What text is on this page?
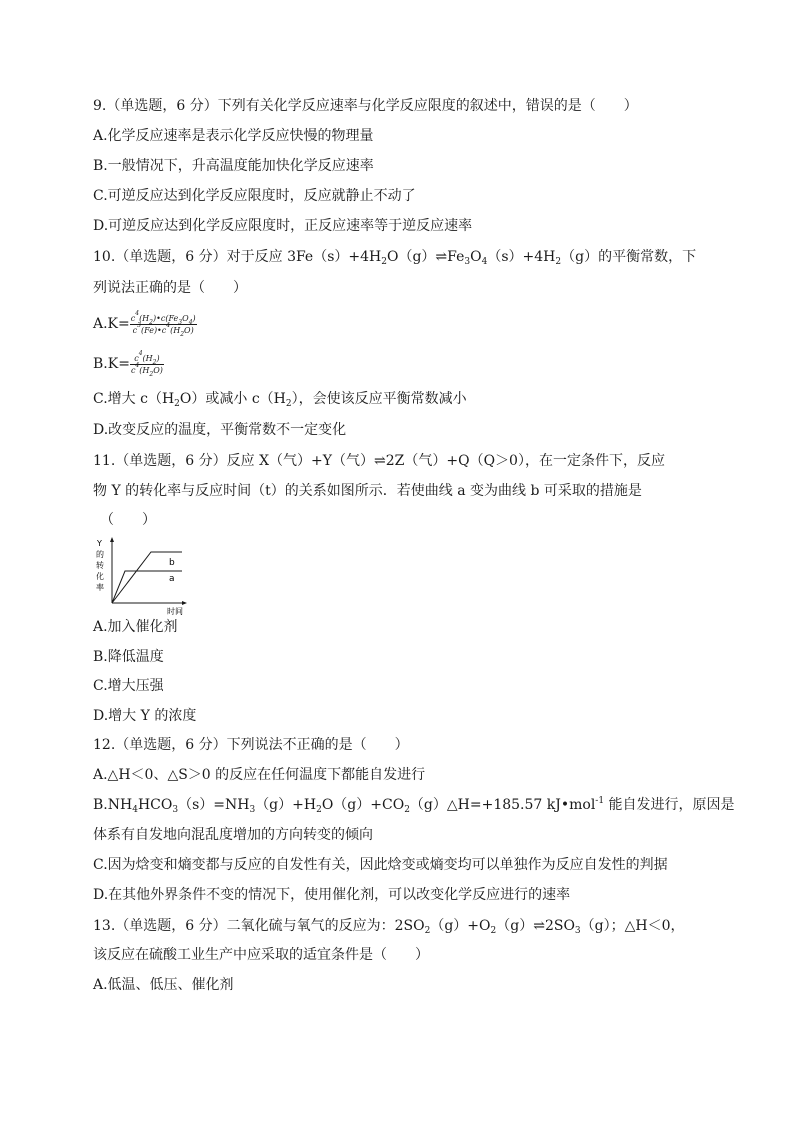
9.（单选题，6 分）下列有关化学反应速率与化学反应限度的叙述中，错误的是（　　）
A.化学反应速率是表示化学反应快慢的物理量
B.一般情况下，升高温度能加快化学反应速率
C.可逆反应达到化学反应限度时，反应就静止不动了
D.可逆反应达到化学反应限度时，正反应速率等于逆反应速率
10.（单选题，6 分）对于反应 $3Fe(s)+4H_2O(g)\rightleftharpoons Fe_3O_4(s)+4H_2(g)$的平衡常数，下
列说法正确的是（　　）
$A.K= \frac{c^4(H_2)•c(Fe_3O_4)}{c^3(Fe)•c^4(H_2O)}$
$B.K= \frac{c^4(H_2)}{c^4(H_2O)}$
C.增大 $c(H_2O)$或减小 $c(H_2)$，会使该反应平衡常数减小
D.改变反应的温度，平衡常数不一定变化
11.（单选题，6 分）反应 X（气）+Y（气）⇌2Z（气）+Q（Q＞0），在一定条件下，反应
物 Y 的转化率与反应时间（t）的关系如图所示．若使曲线 a 变为曲线 b 可采取的措施是
（　　）
b
a
Y
的
转
化
率
时间
A.加入催化剂
B.降低温度
C.增大压强
D.增大 Y 的浓度
12.（单选题，6 分）下列说法不正确的是（　　）
A.△H＜0、△S＞0 的反应在任何温度下都能自发进行
$B.NH_4HCO_3(s)=NH_3(g)+H_2O(g)+CO_2(g)\triangle H=+185.57$ kJ•mol$^{-1}$ 能自发进行，原因是
体系有自发地向混乱度增加的方向转变的倾向
C.因为焓变和熵变都与反应的自发性有关，因此焓变或熵变均可以单独作为反应自发性的判据
D.在其他外界条件不变的情况下，使用催化剂，可以改变化学反应进行的速率
13.（单选题，6 分）二氧化硫与氧气的反应为：$2SO_2(g)+O_2(g)\rightleftharpoons 2SO_3(g)$；△H＜0，
该反应在硫酸工业生产中应采取的适宜条件是（　　）
A.低温、低压、催化剂
